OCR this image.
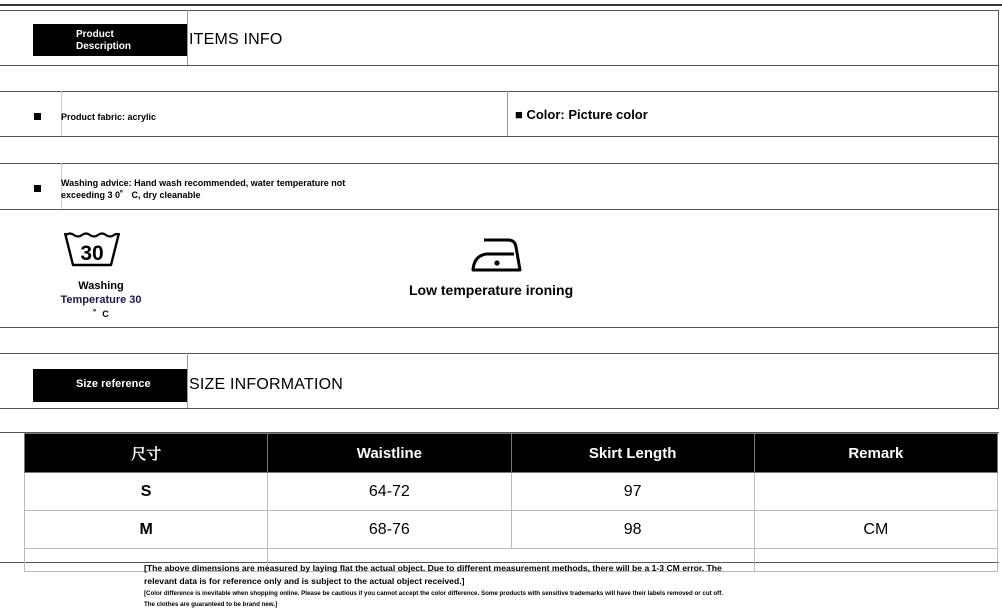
Product
Description	ITEMS INFO
Product fabric: acrylic	■ Color: Picture color
Washing advice: Hand wash recommended, water temperature not
exceeding 3 0゜ C, dry cleanable
30
Washing
Temperature 30
゜C
Low temperature ironing
Size reference	SIZE INFORMATION
尺寸	Waistline	Skirt Length	Remark
S	64-72	97	
M	68-76	98	CM

[The above dimensions are measured by laying flat the actual object. Due to different measurement methods, there will be a 1-3 CM error. The
relevant data is for reference only and is subject to the actual object received.]
[Color difference is inevitable when shopping online. Please be cautious if you cannot accept the color difference. Some products with sensitive trademarks will have their labels removed or cut off.
The clothes are guaranteed to be brand new.]
